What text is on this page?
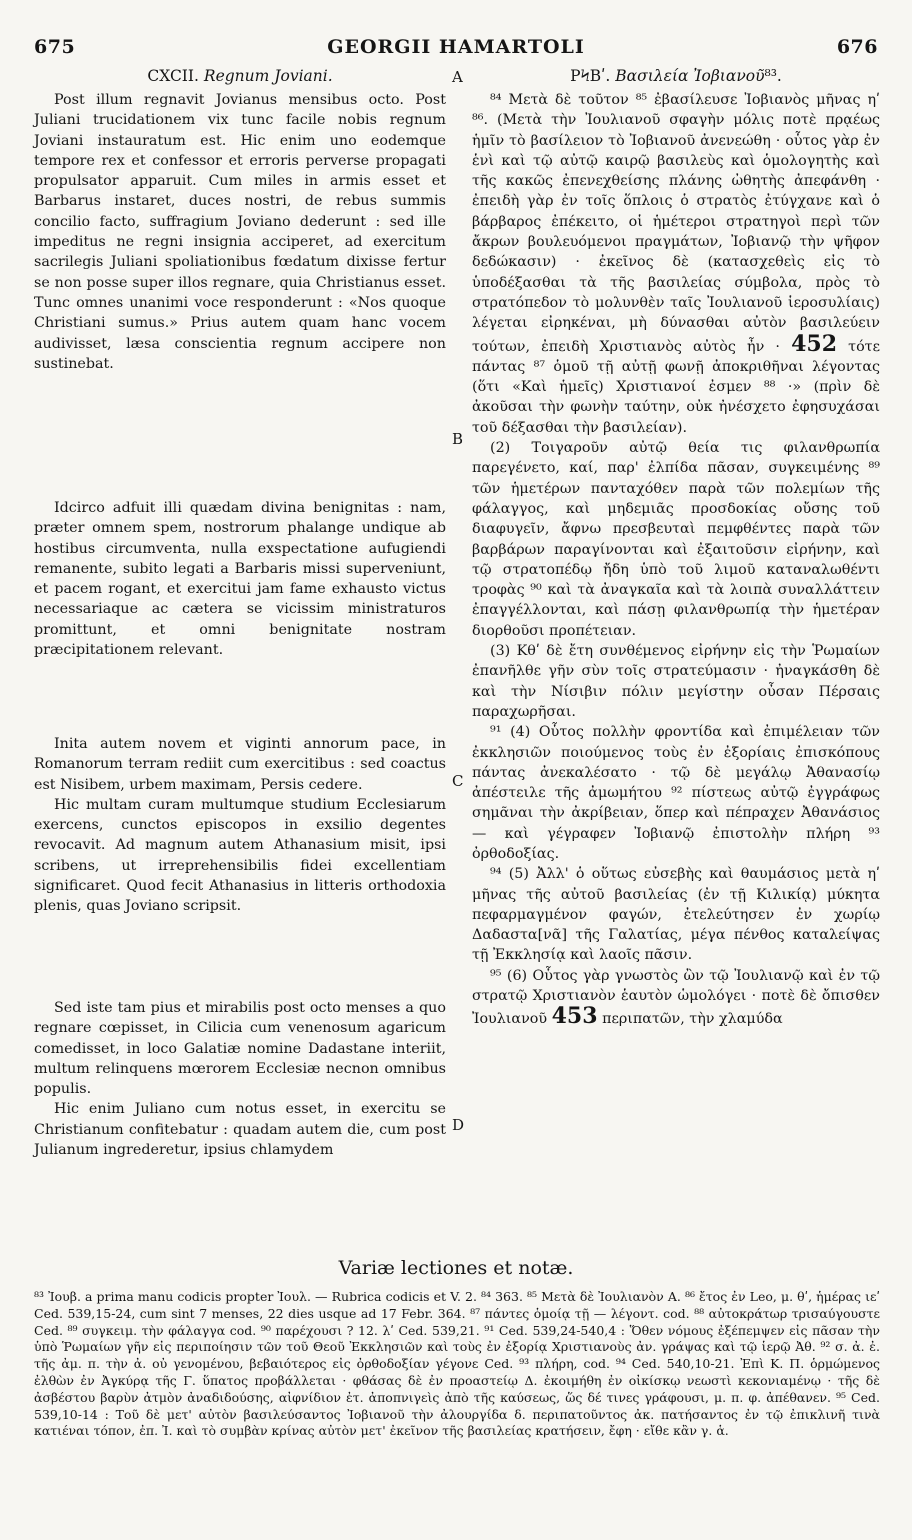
GEORGII HAMARTOLI
675	676
CXCII. Regnum Joviani.

Post illum regnavit Jovianus mensibus octo. Post Juliani trucidationem vix tunc facile nobis regnum Joviani instauratum est. Hic enim uno eodemque tempore rex et confessor et erroris perverse propagati propulsator apparuit. Cum miles in armis esset et Barbarus instaret, duces nostri, de rebus summis concilio facto, suffragium Joviano dederunt : sed ille impeditus ne regni insignia acciperet, ad exercitum sacrilegis Juliani spoliationibus fœdatum dixisse fertur se non posse super illos regnare, quia Christianus esset. Tunc omnes unanimi voce responderunt : «Nos quoque Christiani sumus.» Prius autem quam hanc vocem audivisset, læsa conscientia regnum accipere non sustinebat.

Idcirco adfuit illi quædam divina benignitas : nam, præter omnem spem, nostrorum phalange undique ab hostibus circumventa, nulla exspectatione aufugiendi remanente, subito legati a Barbaris missi superveniunt, et pacem rogant, et exercitui jam fame exhausto victus necessariaque ac cætera se vicissim ministraturos promittunt, et omni benignitate nostram præcipitationem relevant.

Inita autem novem et viginti annorum pace, in Romanorum terram rediit cum exercitibus : sed coactus est Nisibem, urbem maximam, Persis cedere.

Hic multam curam multumque studium Ecclesiarum exercens, cunctos episcopos in exsilio degentes revocavit. Ad magnum autem Athanasium misit, ipsi scribens, ut irreprehensibilis fidei excellentiam significaret. Quod fecit Athanasius in litteris orthodoxia plenis, quas Joviano scripsit.

Sed iste tam pius et mirabilis post octo menses a quo regnare cœpisset, in Cilicia cum venenosum agaricum comedisset, in loco Galatiæ nomine Dadastane interiit, multum relinquens mœrorem Ecclesiæ necnon omnibus populis.

Hic enim Juliano cum notus esset, in exercitu se Christianum confitebatur : quadam autem die, cum post Julianum ingrederetur, ipsius chlamydem

A
B
C
D
ΡϞΒʹ. Βασιλεία Ἰοβιανοῦ⁸³.

⁸⁴ Μετὰ δὲ τοῦτον ⁸⁵ ἐβασίλευσε Ἰοβιανὸς μῆνας ηʹ ⁸⁶. (Μετὰ τὴν Ἰουλιανοῦ σφαγὴν μόλις ποτὲ πρᾳέως ἡμῖν τὸ βασίλειον τὸ Ἰοβιανοῦ ἀνενεώθη · οὗτος γὰρ ἐν ἑνὶ καὶ τῷ αὐτῷ καιρῷ βασιλεὺς καὶ ὁμολογητὴς καὶ τῆς κακῶς ἐπενεχθείσης πλάνης ὠθητὴς ἀπεφάνθη · ἐπειδὴ γὰρ ἐν τοῖς ὅπλοις ὁ στρατὸς ἐτύγχανε καὶ ὁ βάρβαρος ἐπέκειτο, οἱ ἡμέτεροι στρατηγοὶ περὶ τῶν ἄκρων βουλευόμενοι πραγμάτων, Ἰοβιανῷ τὴν ψῆφον δεδώκασιν) · ἐκεῖνος δὲ (κατασχεθεὶς εἰς τὸ ὑποδέξασθαι τὰ τῆς βασιλείας σύμβολα, πρὸς τὸ στρατόπεδον τὸ μολυνθὲν ταῖς Ἰουλιανοῦ ἱεροσυλίαις) λέγεται εἰρηκέναι, μὴ δύνασθαι αὐτὸν βασιλεύειν τούτων, ἐπειδὴ Χριστιανὸς αὐτὸς ἦν · 452 τότε πάντας ⁸⁷ ὁμοῦ τῇ αὐτῇ φωνῇ ἀποκριθῆναι λέγοντας (ὅτι «Καὶ ἡμεῖς) Χριστιανοί ἐσμεν ⁸⁸ ·» (πρὶν δὲ ἀκοῦσαι τὴν φωνὴν ταύτην, οὐκ ἠνέσχετο ἐφησυχάσαι τοῦ δέξασθαι τὴν βασιλείαν).

(2) Τοιγαροῦν αὐτῷ θεία τις φιλανθρωπία παρεγένετο, καί, παρ' ἐλπίδα πᾶσαν, συγκειμένης ⁸⁹ τῶν ἡμετέρων πανταχόθεν παρὰ τῶν πολεμίων τῆς φάλαγγος, καὶ μηδεμιᾶς προσδοκίας οὔσης τοῦ διαφυγεῖν, ἄφνω πρεσβευταὶ πεμφθέντες παρὰ τῶν βαρβάρων παραγίνονται καὶ ἐξαιτοῦσιν εἰρήνην, καὶ τῷ στρατοπέδῳ ἤδη ὑπὸ τοῦ λιμοῦ καταναλωθέντι τροφὰς ⁹⁰ καὶ τὰ ἀναγκαῖα καὶ τὰ λοιπὰ συναλλάττειν ἐπαγγέλλονται, καὶ πάσῃ φιλανθρωπίᾳ τὴν ἡμετέραν διορθοῦσι προπέτειαν.

(3) Κθʹ δὲ ἔτη συνθέμενος εἰρήνην εἰς τὴν Ῥωμαίων ἐπανῆλθε γῆν σὺν τοῖς στρατεύμασιν · ἠναγκάσθη δὲ καὶ τὴν Νίσιβιν πόλιν μεγίστην οὖσαν Πέρσαις παραχωρῆσαι.

⁹¹ (4) Οὗτος πολλὴν φροντίδα καὶ ἐπιμέλειαν τῶν ἐκκλησιῶν ποιούμενος τοὺς ἐν ἐξορίαις ἐπισκόπους πάντας ἀνεκαλέσατο · τῷ δὲ μεγάλῳ Ἀθανασίῳ ἀπέστειλε τῆς ἀμωμήτου ⁹² πίστεως αὐτῷ ἐγγράφως σημᾶναι τὴν ἀκρίβειαν, ὅπερ καὶ πέπραχεν Ἀθανάσιος — καὶ γέγραφεν Ἰοβιανῷ ἐπιστολὴν πλήρη ⁹³ ὀρθοδοξίας.

⁹⁴ (5) Ἀλλ' ὁ οὕτως εὐσεβὴς καὶ θαυμάσιος μετὰ ηʹ μῆνας τῆς αὐτοῦ βασιλείας (ἐν τῇ Κιλικίᾳ) μύκητα πεφαρμαγμένον φαγών, ἐτελεύτησεν ἐν χωρίῳ Δαδαστα[νᾶ] τῆς Γαλατίας, μέγα πένθος καταλείψας τῇ Ἐκκλησίᾳ καὶ λαοῖς πᾶσιν.

⁹⁵ (6) Οὗτος γὰρ γνωστὸς ὢν τῷ Ἰουλιανῷ καὶ ἐν τῷ στρατῷ Χριστιανὸν ἑαυτὸν ὡμολόγει · ποτὲ δὲ ὄπισθεν Ἰουλιανοῦ 453 περιπατῶν, τὴν χλαμύδα

Variæ lectiones et notæ.

⁸³ Ἰουβ. a prima manu codicis propter Ἰουλ. — Rubrica codicis et V. 2. ⁸⁴ 363. ⁸⁵ Μετὰ δὲ Ἰουλιανὸν A. ⁸⁶ ἔτος ἐν Leo, μ. θʹ, ἡμέρας ιεʹ Ced. 539,15-24, cum sint 7 menses, 22 dies usque ad 17 Febr. 364. ⁸⁷ πάντες ὁμοίᾳ τῇ — λέγοντ. cod. ⁸⁸ αὐτοκράτωρ τρισαύγουστε Ced. ⁸⁹ συγκειμ. τὴν φάλαγγα cod. ⁹⁰ παρέχουσι ? 12. λʹ Ced. 539,21. ⁹¹ Ced. 539,24-540,4 : Ὅθεν νόμους ἐξέπεμψεν εἰς πᾶσαν τὴν ὑπὸ Ῥωμαίων γῆν εἰς περιποίησιν τῶν τοῦ Θεοῦ Ἐκκλησιῶν καὶ τοὺς ἐν ἐξορίᾳ Χριστιανοὺς ἀν. γράψας καὶ τῷ ἱερῷ Ἀθ. ⁹² σ. ἀ. ἐ. τῆς ἀμ. π. τὴν ἀ. οὐ γενομένου, βεβαιότερος εἰς ὀρθοδοξίαν γέγονε Ced. ⁹³ πλήρη, cod. ⁹⁴ Ced. 540,10-21. Ἐπὶ Κ. Π. ὁρμώμενος ἐλθὼν ἐν Ἀγκύρᾳ τῆς Γ. ὕπατος προβάλλεται · φθάσας δὲ ἐν προαστείῳ Δ. ἐκοιμήθη ἐν οἰκίσκῳ νεωστὶ κεκονιαμένῳ · τῆς δὲ ἀσβέστου βαρὺν ἀτμὸν ἀναδιδούσης, αἰφνίδιον ἐτ. ἀποπνιγεὶς ἀπὸ τῆς καύσεως, ὥς δέ τινες γράφουσι, μ. π. φ. ἀπέθανεν. ⁹⁵ Ced. 539,10-14 : Τοῦ δὲ μετ' αὐτὸν βασιλεύσαντος Ἰοβιανοῦ τὴν ἀλουργίδα δ. περιπατοῦντος ἀκ. πατήσαντος ἐν τῷ ἐπικλινῆ τινὰ κατιέναι τόπον, ἐπ. Ἰ. καὶ τὸ συμβὰν κρίνας αὐτὸν μετ' ἐκεῖνον τῆς βασιλείας κρατήσειν, ἔφη · εἴθε κἂν γ. ἁ.
